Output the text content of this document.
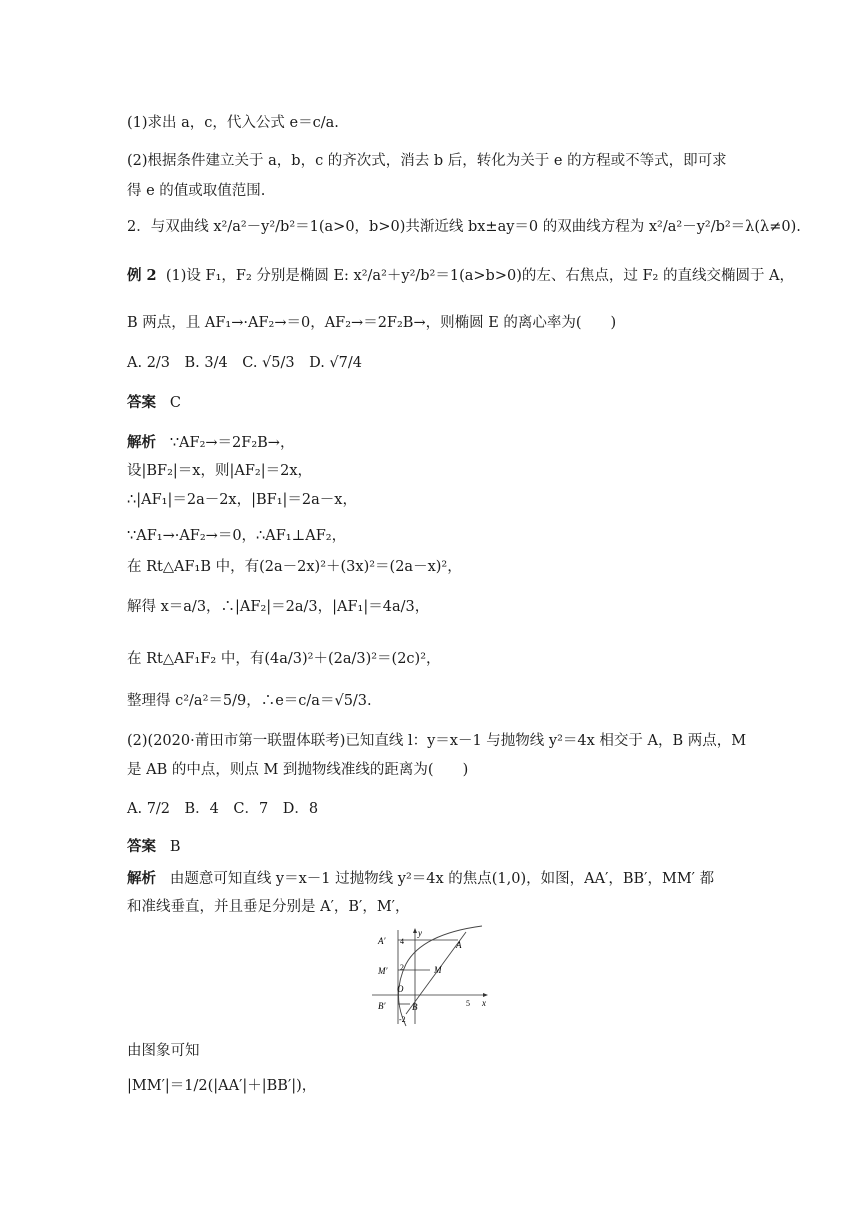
(1)求出 a，c，代入公式 e＝c/a.
(2)根据条件建立关于 a，b，c 的齐次式，消去 b 后，转化为关于 e 的方程或不等式，即可求
得 e 的值或取值范围.
2．与双曲线 x²/a²－y²/b²＝1(a>0，b>0)共渐近线 bx±ay＝0 的双曲线方程为 x²/a²－y²/b²＝λ(λ≠0).
例 2 (1)设 F₁，F₂ 分别是椭圆 E: x²/a²＋y²/b²＝1(a>b>0)的左、右焦点，过 F₂ 的直线交椭圆于 A，
B 两点，且 AF₁→·AF₂→＝0，AF₂→＝2F₂B→，则椭圆 E 的离心率为(　　)
A. 2/3　B. 3/4　C. √5/3　D. √7/4
答案 C
解析 ∵AF₂→＝2F₂B→，
设|BF₂|＝x，则|AF₂|＝2x，
∴|AF₁|＝2a－2x，|BF₁|＝2a－x，
∵AF₁→·AF₂→＝0，∴AF₁⊥AF₂，
在 Rt△AF₁B 中，有(2a－2x)²＋(3x)²＝(2a－x)²，
解得 x＝a/3，∴|AF₂|＝2a/3，|AF₁|＝4a/3，
在 Rt△AF₁F₂ 中，有(4a/3)²＋(2a/3)²＝(2c)²，
整理得 c²/a²＝5/9，∴e＝c/a＝√5/3.
(2)(2020·莆田市第一联盟体联考)已知直线 l：y＝x－1 与抛物线 y²＝4x 相交于 A，B 两点，M
是 AB 的中点，则点 M 到抛物线准线的距离为(　　)
A. 7/2　B．4　C．7　D．8
答案 B
解析 由题意可知直线 y＝x－1 过抛物线 y²＝4x 的焦点(1,0)，如图，AA′，BB′，MM′ 都
和准线垂直，并且垂足分别是 A′，B′，M′，
A′
M′
B′
A
M
B
O
y
x
4
2
-2
5
由图象可知
|MM′|＝1/2(|AA′|＋|BB′|)，
